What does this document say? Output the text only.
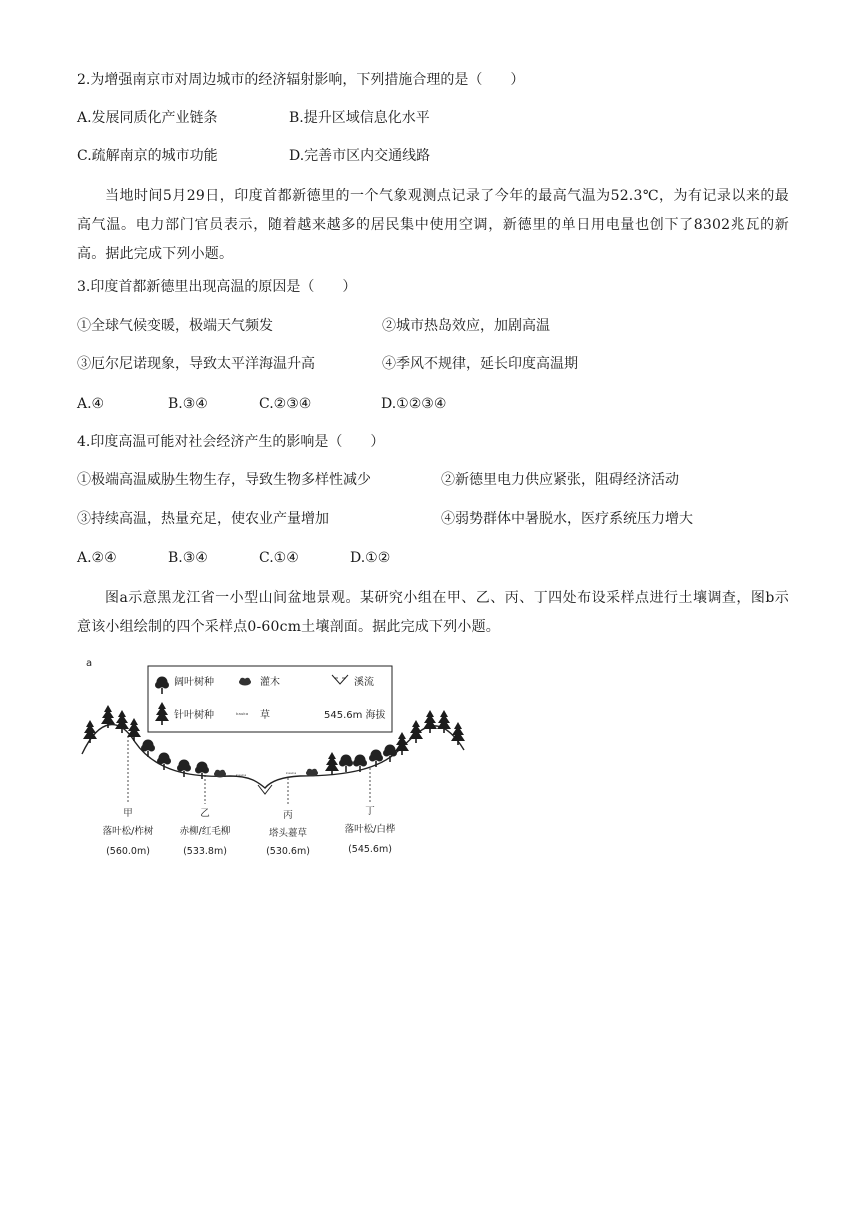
2.为增强南京市对周边城市的经济辐射影响，下列措施合理的是（　　）
A.发展同质化产业链条	B.提升区域信息化水平
C.疏解南京的城市功能	D.完善市区内交通线路
当地时间5月29日，印度首都新德里的一个气象观测点记录了今年的最高气温为52.3℃，为有记录以来的最高气温。电力部门官员表示，随着越来越多的居民集中使用空调，新德里的单日用电量也创下了8302兆瓦的新高。据此完成下列小题。
3.印度首都新德里出现高温的原因是（　　）
①全球气候变暖，极端天气频发	②城市热岛效应，加剧高温
③厄尔尼诺现象，导致太平洋海温升高	④季风不规律，延长印度高温期
A.④	B.③④	C.②③④	D.①②③④
4.印度高温可能对社会经济产生的影响是（　　）
①极端高温威胁生物生存，导致生物多样性减少	②新德里电力供应紧张，阻碍经济活动
③持续高温，热量充足，使农业产量增加	④弱势群体中暑脱水，医疗系统压力增大
A.②④	B.③④	C.①④	D.①②
图a示意黑龙江省一小型山间盆地景观。某研究小组在甲、乙、丙、丁四处布设采样点进行土壤调查，图b示意该小组绘制的四个采样点0-60cm土壤剖面。据此完成下列小题。
a
阔叶树种	灌木	溪流
针叶树种	ᵏᵃᵘᵏᵃ 草	545.6m 海拔
ᵏᵃᵘᵏᵃ	ᵏᵃᵘᵏᵃ
甲
落叶松/柞树
(560.0m)
乙
赤柳/红毛柳
(533.8m)
丙
塔头薹草
(530.6m)
丁
落叶松/白桦
(545.6m)
